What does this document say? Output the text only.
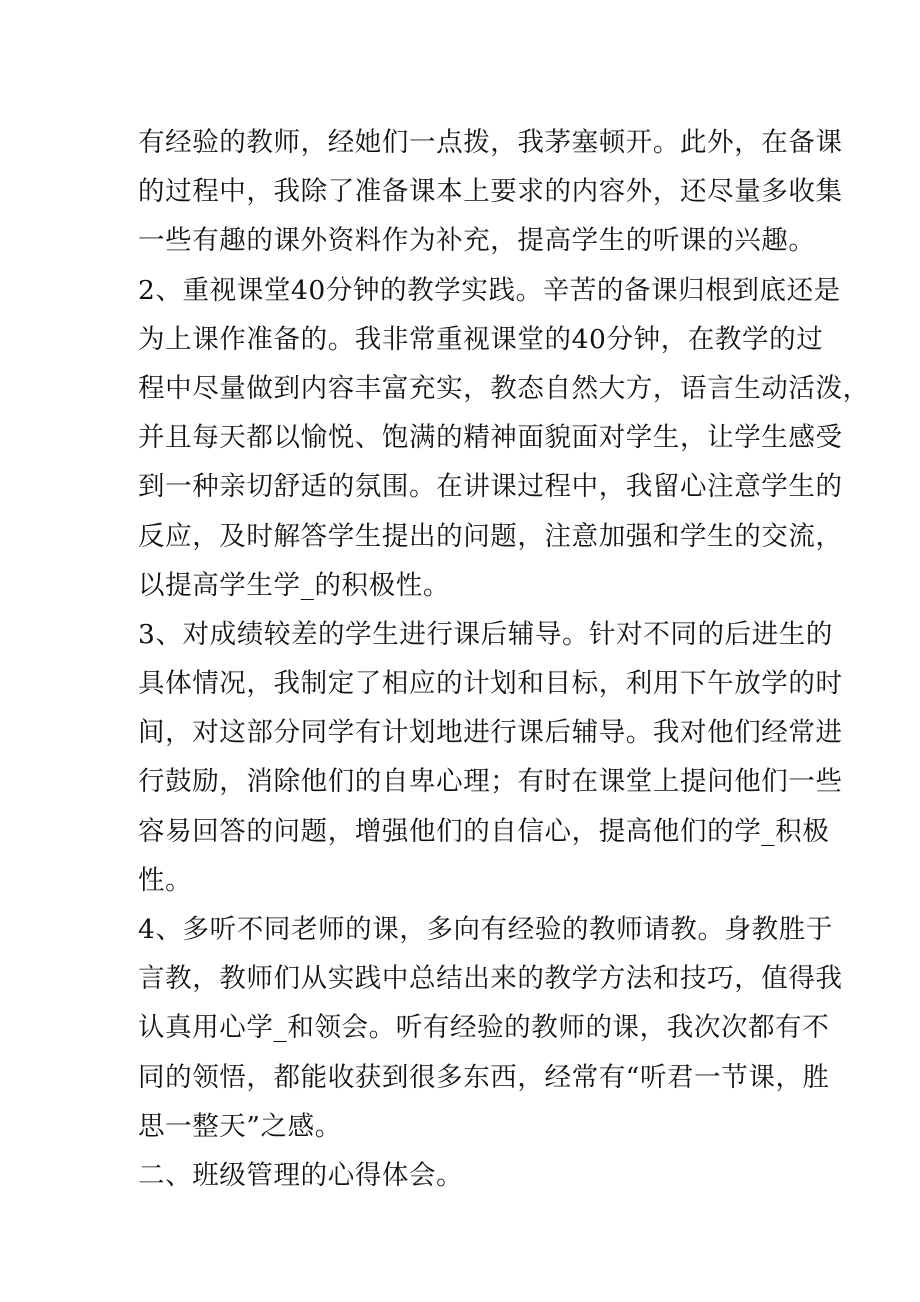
有经验的教师，经她们一点拨，我茅塞顿开。此外，在备课
的过程中，我除了准备课本上要求的内容外，还尽量多收集
一些有趣的课外资料作为补充，提高学生的听课的兴趣。
2、重视课堂40分钟的教学实践。辛苦的备课归根到底还是
为上课作准备的。我非常重视课堂的40分钟，在教学的过
程中尽量做到内容丰富充实，教态自然大方，语言生动活泼，
并且每天都以愉悦、饱满的精神面貌面对学生，让学生感受
到一种亲切舒适的氛围。在讲课过程中，我留心注意学生的
反应，及时解答学生提出的问题，注意加强和学生的交流，
以提高学生学_的积极性。
3、对成绩较差的学生进行课后辅导。针对不同的后进生的
具体情况，我制定了相应的计划和目标，利用下午放学的时
间，对这部分同学有计划地进行课后辅导。我对他们经常进
行鼓励，消除他们的自卑心理；有时在课堂上提问他们一些
容易回答的问题，增强他们的自信心，提高他们的学_积极
性。
4、多听不同老师的课，多向有经验的教师请教。身教胜于
言教，教师们从实践中总结出来的教学方法和技巧，值得我
认真用心学_和领会。听有经验的教师的课，我次次都有不
同的领悟，都能收获到很多东西，经常有“听君一节课，胜
思一整天”之感。
二、班级管理的心得体会。
